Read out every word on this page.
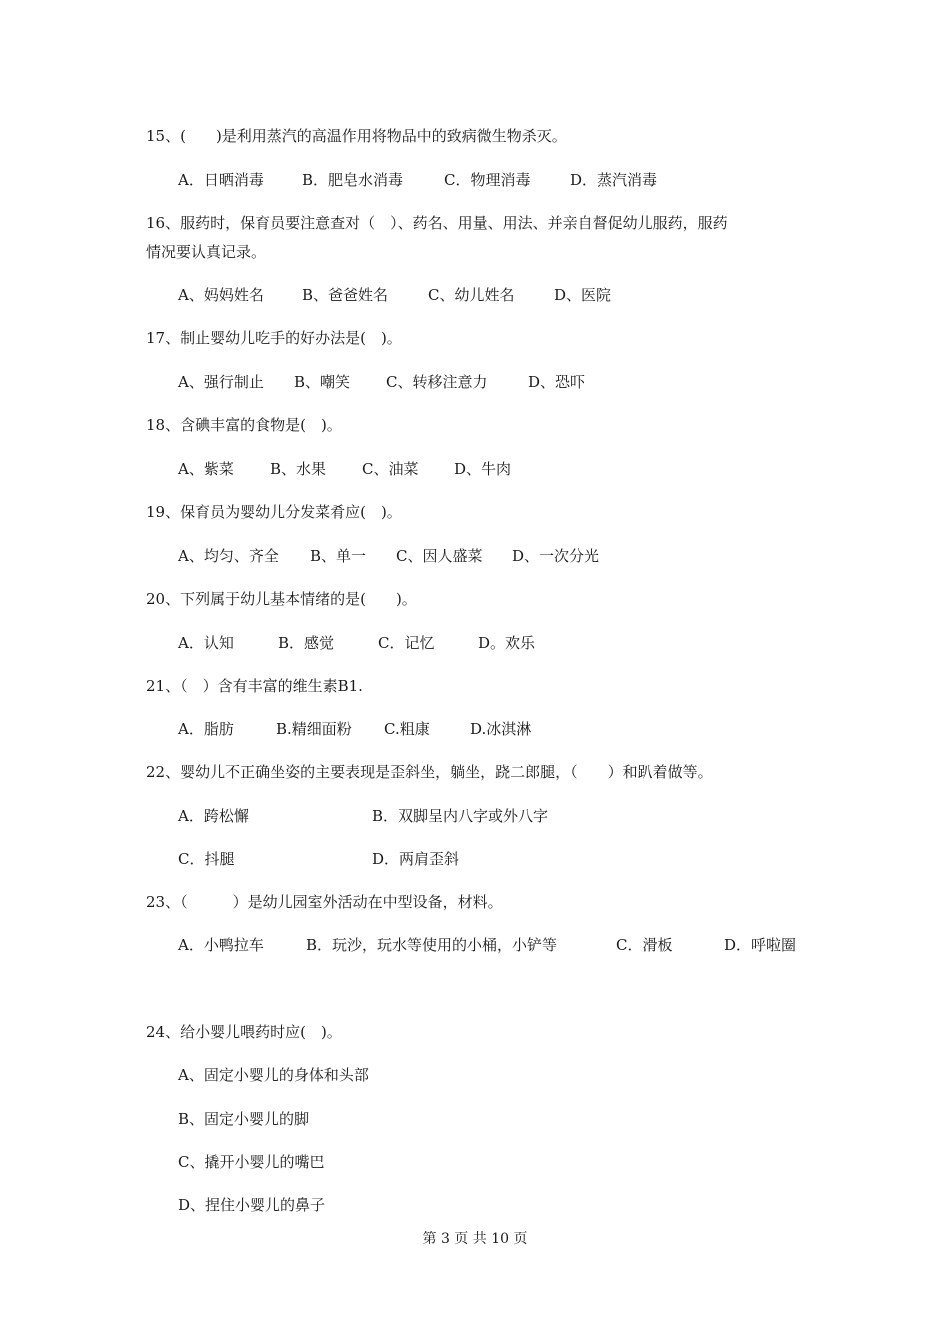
15、(　　)是利用蒸汽的高温作用将物品中的致病微生物杀灭。
A．日晒消毒	B．肥皂水消毒	C．物理消毒	D．蒸汽消毒
16、服药时，保育员要注意查对（　）、药名、用量、用法、并亲自督促幼儿服药，服药
情况要认真记录。
A、妈妈姓名	B、爸爸姓名	C、幼儿姓名	D、医院
17、制止婴幼儿吃手的好办法是(　)。
A、强行制止 B、嘲笑 C、转移注意力	D、恐吓
18、含碘丰富的食物是(　)。
A、紫菜 B、水果 C、油菜 D、牛肉
19、保育员为婴幼儿分发菜肴应(　)。
A、均匀、齐全 B、单一 C、因人盛菜 D、一次分光
20、下列属于幼儿基本情绪的是(　　)。
A．认知	B．感觉	C．记忆	D。欢乐
21、（　）含有丰富的维生素B1.
A．脂肪	B.精细面粉 C.粗康	D.冰淇淋
22、婴幼儿不正确坐姿的主要表现是歪斜坐，躺坐，跷二郎腿，（　　）和趴着做等。
A．跨松懈	B．双脚呈内八字或外八字
C．抖腿	D．两肩歪斜
23、（　　　）是幼儿园室外活动在中型设备，材料。
A．小鸭拉车	B．玩沙，玩水等使用的小桶，小铲等	C．滑板	D．呼啦圈
24、给小婴儿喂药时应(　)。
A、固定小婴儿的身体和头部
B、固定小婴儿的脚
C、撬开小婴儿的嘴巴
D、捏住小婴儿的鼻子
第 3 页 共 10 页
